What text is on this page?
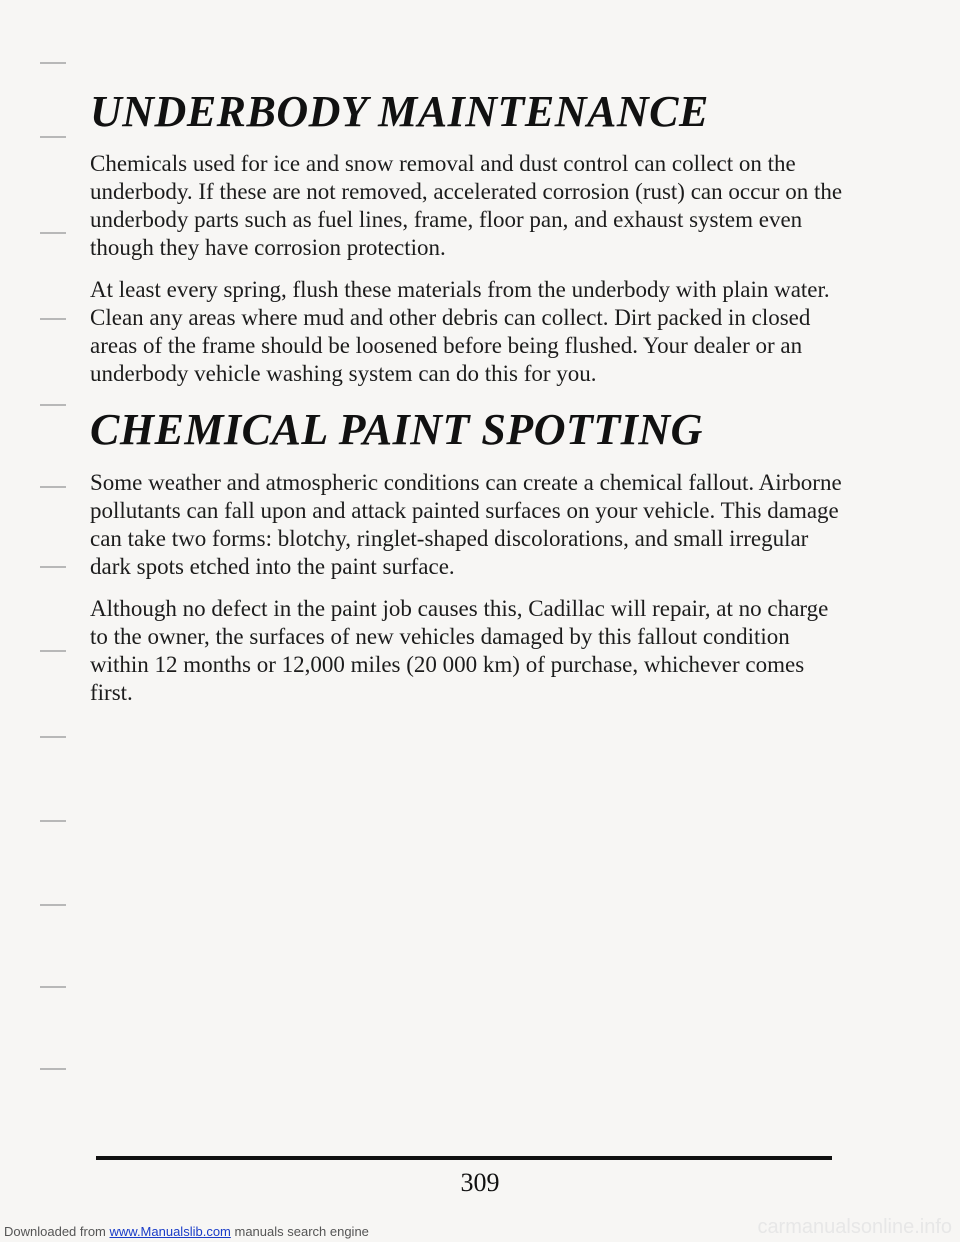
UNDERBODY MAINTENANCE

Chemicals used for ice and snow removal and dust control can collect on the underbody. If these are not removed, accelerated corrosion (rust) can occur on the underbody parts such as fuel lines, frame, floor pan, and exhaust system even though they have corrosion protection.

At least every spring, flush these materials from the underbody with plain water. Clean any areas where mud and other debris can collect. Dirt packed in closed areas of the frame should be loosened before being flushed. Your dealer or an underbody vehicle washing system can do this for you.

CHEMICAL PAINT SPOTTING

Some weather and atmospheric conditions can create a chemical fallout. Airborne pollutants can fall upon and attack painted surfaces on your vehicle. This damage can take two forms: blotchy, ringlet-shaped discolorations, and small irregular dark spots etched into the paint surface.

Although no defect in the paint job causes this, Cadillac will repair, at no charge to the owner, the surfaces of new vehicles damaged by this fallout condition within 12 months or 12,000 miles (20 000 km) of purchase, whichever comes first.

309
Downloaded from www.Manualslib.com manuals search engine	carmanualsonline.info
